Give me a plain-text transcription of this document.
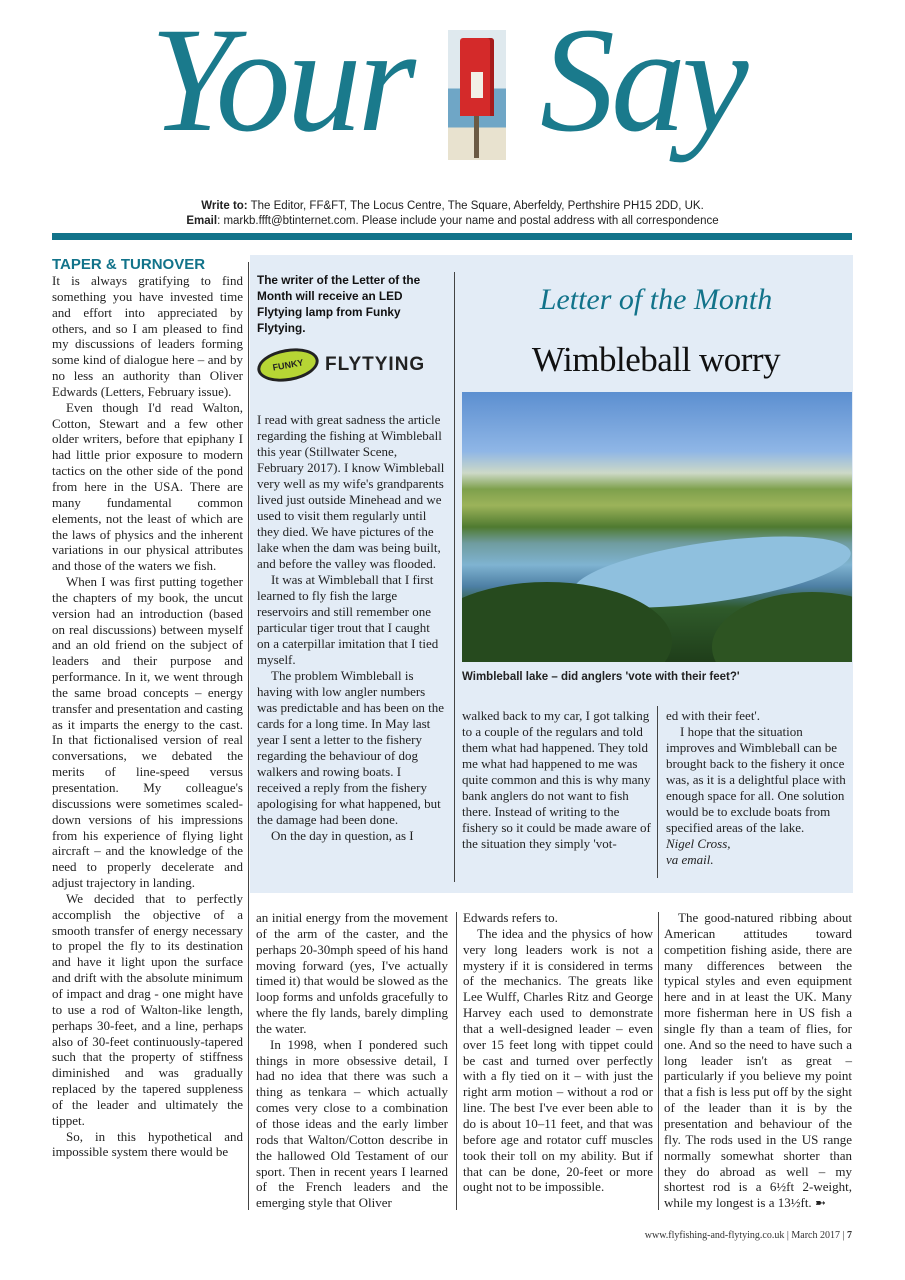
Your Say
Write to: The Editor, FF&FT, The Locus Centre, The Square, Aberfeldy, Perthshire PH15 2DD, UK.
Email: markb.ffft@btinternet.com. Please include your name and postal address with all correspondence
TAPER & TURNOVER

It is always gratifying to find something you have invested time and effort into appreciated by others, and so I am pleased to find my discussions of leaders forming some kind of dialogue here – and by no less an authority than Oliver Edwards (Letters, February issue).

Even though I'd read Walton, Cotton, Stewart and a few other older writers, before that epiphany I had little prior exposure to modern tactics on the other side of the pond from here in the USA. There are many fundamental common elements, not the least of which are the laws of physics and the inherent variations in our physical attributes and those of the waters we fish.

When I was first putting together the chapters of my book, the uncut version had an introduction (based on real discussions) between myself and an old friend on the subject of leaders and their purpose and performance. In it, we went through the same broad concepts – energy transfer and presentation and casting as it imparts the energy to the cast. In that fictionalised version of real conversations, we debated the merits of line-speed versus presentation. My colleague's discussions were sometimes scaled-down versions of his impressions from his experience of flying light aircraft – and the knowledge of the need to properly decelerate and adjust trajectory in landing.

We decided that to perfectly accomplish the objective of a smooth transfer of energy necessary to propel the fly to its destination and have it light upon the surface and drift with the absolute minimum of impact and drag - one might have to use a rod of Walton-like length, perhaps 30-feet, and a line, perhaps also of 30-feet continuously-tapered such that the property of stiffness diminished and was gradually replaced by the tapered suppleness of the leader and ultimately the tippet.

So, in this hypothetical and impossible system there would be

The writer of the Letter of the Month will receive an LED Flytying lamp from Funky Flytying.
FUNKY	FLYTYING

I read with great sadness the article regarding the fishing at Wimbleball this year (Stillwater Scene, February 2017). I know Wimbleball very well as my wife's grandparents lived just outside Minehead and we used to visit them regularly until they died. We have pictures of the lake when the dam was being built, and before the valley was flooded.

It was at Wimbleball that I first learned to fly fish the large reservoirs and still remember one particular tiger trout that I caught on a caterpillar imitation that I tied myself.

The problem Wimbleball is having with low angler numbers was predictable and has been on the cards for a long time. In May last year I sent a letter to the fishery regarding the behaviour of dog walkers and rowing boats. I received a reply from the fishery apologising for what happened, but the damage had been done.

On the day in question, as I

Letter of the Month
Wimbleball worry
Wimbleball lake – did anglers 'vote with their feet?'

walked back to my car, I got talking to a couple of the regulars and told them what had happened. They told me what had happened to me was quite common and this is why many bank anglers do not want to fish there. Instead of writing to the fishery so it could be made aware of the situation they simply 'vot-

ed with their feet'.

I hope that the situation improves and Wimbleball can be brought back to the fishery it once was, as it is a delightful place with enough space for all. One solution would be to exclude boats from specified areas of the lake.

Nigel Cross,

va email.

an initial energy from the movement of the arm of the caster, and the perhaps 20-30mph speed of his hand moving forward (yes, I've actually timed it) that would be slowed as the loop forms and unfolds gracefully to where the fly lands, barely dimpling the water.

In 1998, when I pondered such things in more obsessive detail, I had no idea that there was such a thing as tenkara – which actually comes very close to a combination of those ideas and the early limber rods that Walton/Cotton describe in the hallowed Old Testament of our sport. Then in recent years I learned of the French leaders and the emerging style that Oliver

Edwards refers to.

The idea and the physics of how very long leaders work is not a mystery if it is considered in terms of the mechanics. The greats like Lee Wulff, Charles Ritz and George Harvey each used to demonstrate that a well-designed leader – even over 15 feet long with tippet could be cast and turned over perfectly with a fly tied on it – with just the right arm motion – without a rod or line. The best I've ever been able to do is about 10–11 feet, and that was before age and rotator cuff muscles took their toll on my ability. But if that can be done, 20-feet or more ought not to be impossible.

The good-natured ribbing about American attitudes toward competition fishing aside, there are many differences between the typical styles and even equipment here and in at least the UK. Many more fisherman here in US fish a single fly than a team of flies, for one. And so the need to have such a long leader isn't as great – particularly if you believe my point that a fish is less put off by the sight of the leader than it is by the presentation and behaviour of the fly. The rods used in the US range normally somewhat shorter than they do abroad as well – my shortest rod is a 6½ft 2-weight, while my longest is a 13½ft. ➼

www.flyfishing-and-flytying.co.uk | March 2017 | 7
